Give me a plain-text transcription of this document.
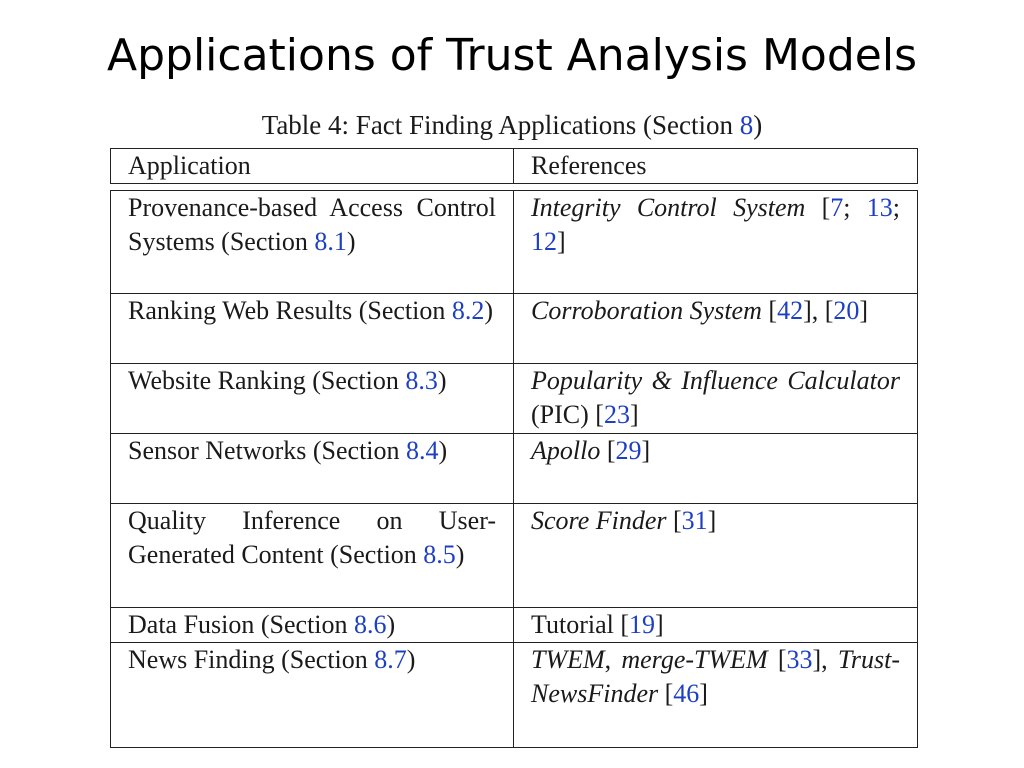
Applications of Trust Analysis Models
Table 4: Fact Finding Applications (Section 8)
Application	References
Provenance-based Access Control Systems (Section 8.1)	Integrity Control System [7; 13; 12]
Ranking Web Results (Section 8.2)	Corroboration System [42], [20]
Website Ranking (Section 8.3)	Popularity & Influence Calculator (PIC) [23]
Sensor Networks (Section 8.4)	Apollo [29]
Quality Inference on User-Generated Content (Section 8.5)	Score Finder [31]
Data Fusion (Section 8.6)	Tutorial [19]
News Finding (Section 8.7)	TWEM, merge-TWEM [33], Trust-NewsFinder [46]
